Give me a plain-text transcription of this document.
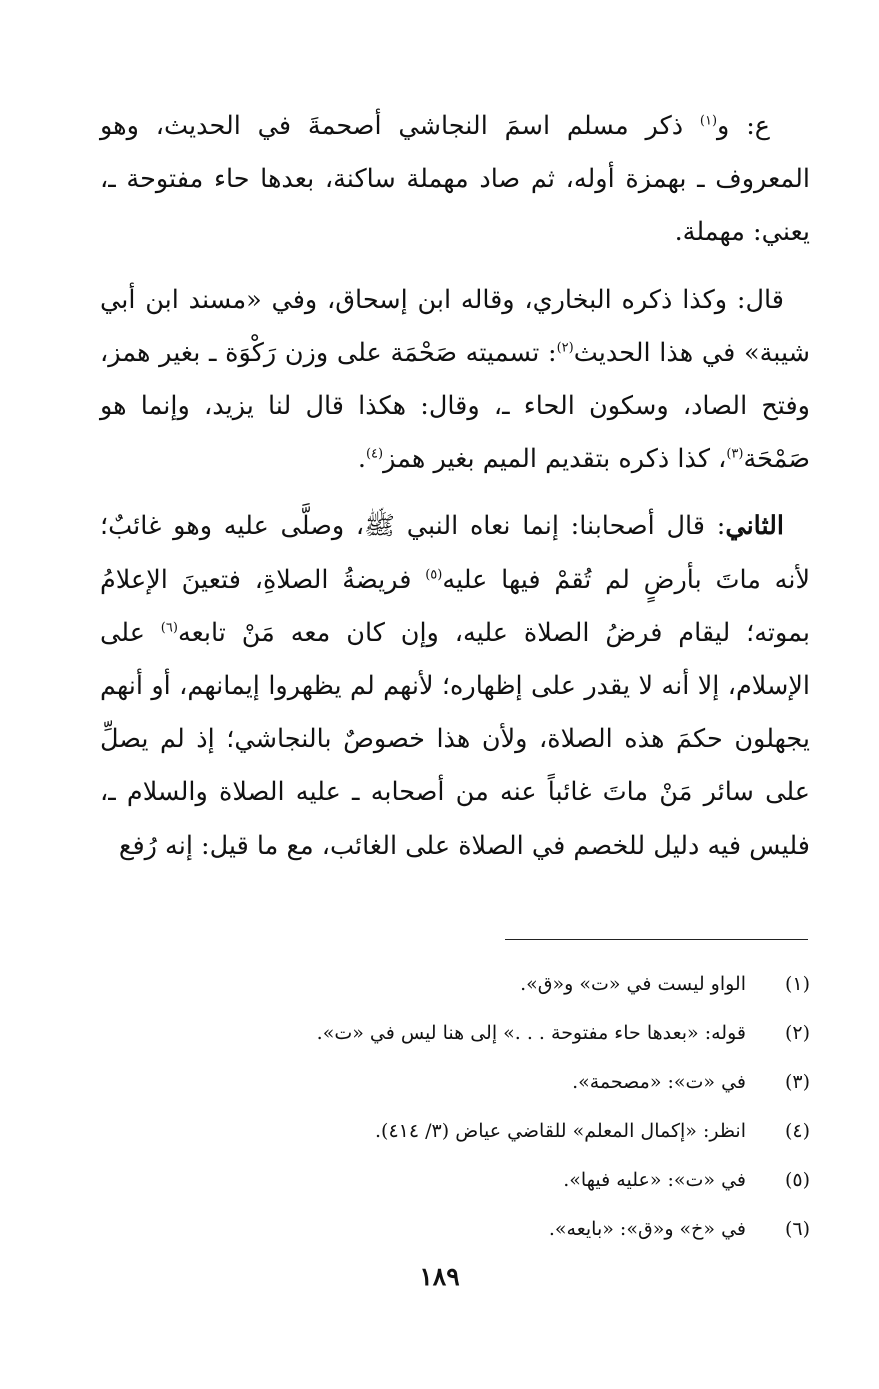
ع: و$^{(١)}$ ذكر مسلم اسمَ النجاشي أصحمةَ في الحديث، وهو المعروف ـ بهمزة أوله، ثم صاد مهملة ساكنة، بعدها حاء مفتوحة ـ، يعني: مهملة.

قال: وكذا ذكره البخاري، وقاله ابن إسحاق، وفي «مسند ابن أبي شيبة» في هذا الحديث$^{(٢)}$: تسميته صَحْمَة على وزن رَكْوَة ـ بغير همز، وفتح الصاد، وسكون الحاء ـ، وقال: هكذا قال لنا يزيد، وإنما هو صَمْحَة$^{(٣)}$، كذا ذكره بتقديم الميم بغير همز$^{(٤)}$.

الثاني: قال أصحابنا: إنما نعاه النبي ﷺ، وصلَّى عليه وهو غائبٌ؛ لأنه ماتَ بأرضٍ لم تُقمْ فيها عليه$^{(٥)}$ فريضةُ الصلاةِ، فتعينَ الإعلامُ بموته؛ ليقام فرضُ الصلاة عليه، وإن كان معه مَنْ تابعه$^{(٦)}$ على الإسلام، إلا أنه لا يقدر على إظهاره؛ لأنهم لم يظهروا إيمانهم، أو أنهم يجهلون حكمَ هذه الصلاة، ولأن هذا خصوصٌ بالنجاشي؛ إذ لم يصلِّ على سائر مَنْ ماتَ غائباً عنه من أصحابه ـ عليه الصلاة والسلام ـ، فليس فيه دليل للخصم في الصلاة على الغائب، مع ما قيل: إنه رُفع

(١)
الواو ليست في «ت» و«ق».
(٢)
قوله: «بعدها حاء مفتوحة . . .» إلى هنا ليس في «ت».
(٣)
في «ت»: «مصحمة».
(٤)
انظر: «إكمال المعلم» للقاضي عياض (٣/ ٤١٤).
(٥)
في «ت»: «عليه فيها».
(٦)
في «خ» و«ق»: «بايعه».
١٨٩
